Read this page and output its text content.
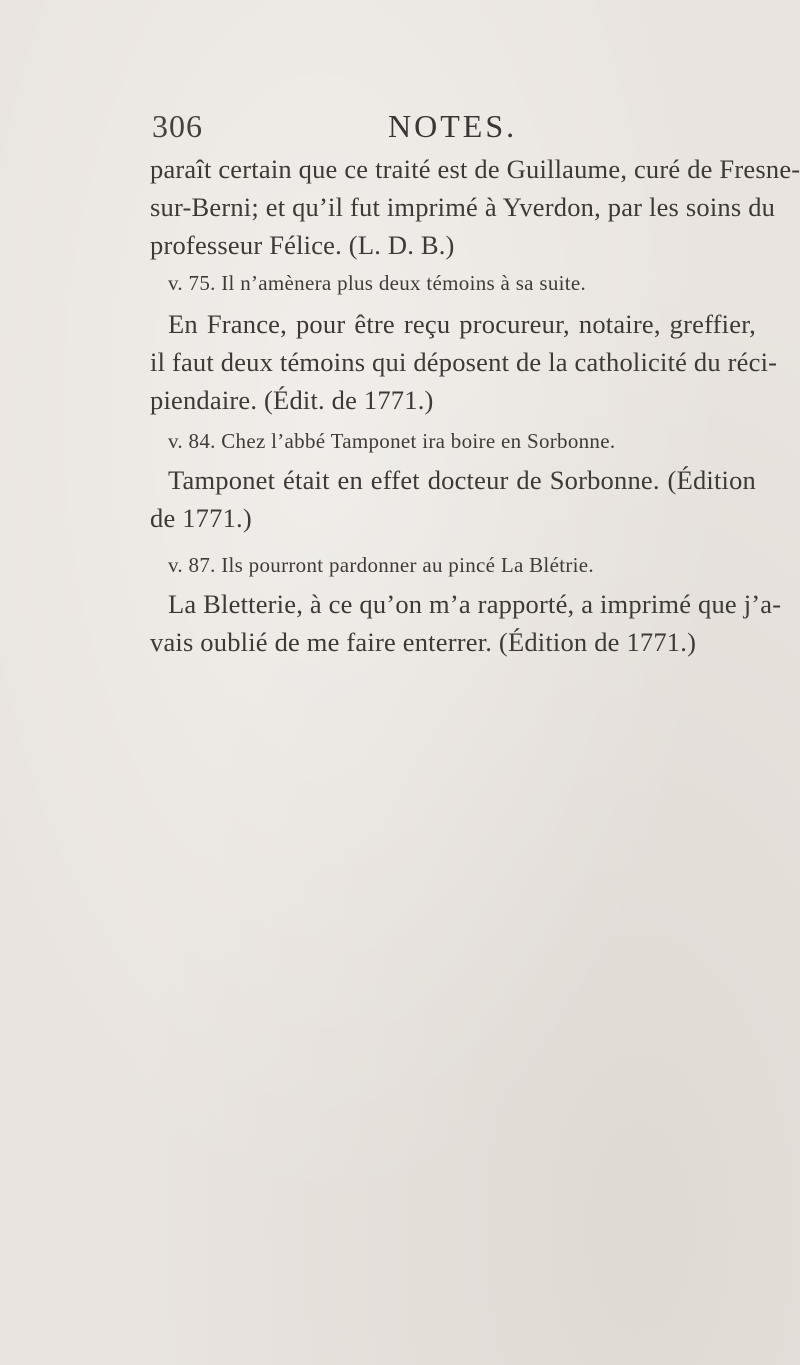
306	NOTES.

paraît certain que ce traité est de Guillaume, curé de Fresne-
sur-Berni; et qu’il fut imprimé à Yverdon, par les soins du
professeur Félice. (L. D. B.)

v. 75. Il n’amènera plus deux témoins à sa suite.

En France, pour être reçu procureur, notaire, greffier,
il faut deux témoins qui déposent de la catholicité du réci-
piendaire. (Édit. de 1771.)

v. 84. Chez l’abbé Tamponet ira boire en Sorbonne.

Tamponet était en effet docteur de Sorbonne. (Édition
de 1771.)

v. 87. Ils pourront pardonner au pincé La Blétrie.

La Bletterie, à ce qu’on m’a rapporté, a imprimé que j’a-
vais oublié de me faire enterrer. (Édition de 1771.)
